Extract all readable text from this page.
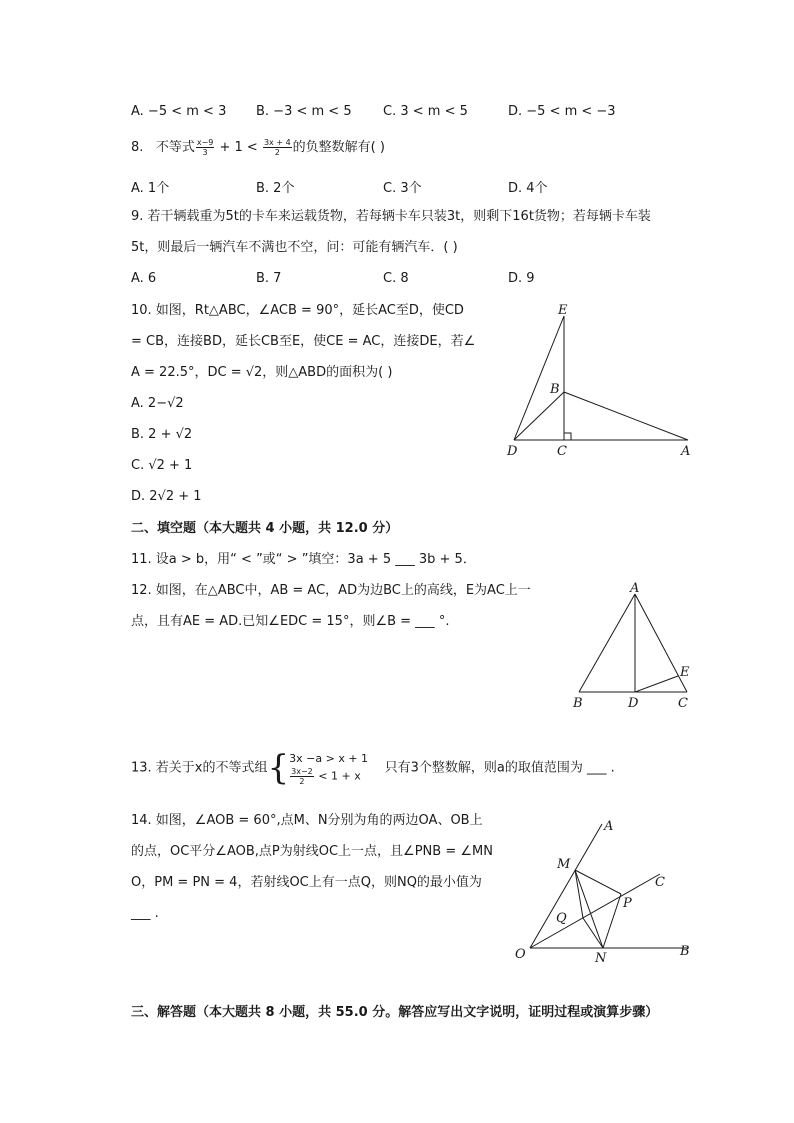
A. −5 < m < 3 B. −3 < m < 5 C. 3 < m < 5	D. −5 < m < −3
8. 不等式 $\frac{x-9}{3} + 1 < \frac{3x + 4}{2}$ 的负整数解有( )
A. 1个	B. 2个	C. 3个	D. 4个
9. 若干辆载重为5t的卡车来运载货物，若每辆卡车只装3t，则剩下16t货物；若每辆卡车装
5t，则最后一辆汽车不满也不空，问：可能有辆汽车．( )
A. 6	B. 7	C. 8	D. 9
10. 如图，Rt△ABC，∠ACB = 90°，延长AC至D，使CD
= CB，连接BD，延长CB至E，使CE = AC，连接DE，若∠
A = 22.5°，DC = √2，则△ABD的面积为( )
A. 2−√2
B. 2 + √2
C. √2 + 1
D. 2√2 + 1
E
B
D	C	A
二、填空题（本大题共 4 小题，共 12.0 分）
11. 设a > b，用“ < ”或“ > ”填空：3a + 5 ___ 3b + 5．
12. 如图，在△ABC中，AB = AC，AD为边BC上的高线，E为AC上一
点，且有AE = AD.已知∠EDC = 15°，则∠B = ___ °.
A
B	D	C
E
13. 若关于x的不等式组{ 3x −a > x + 1
$\frac{3x-2}{2} < 1 + x$	只有3个整数解，则a的取值范围为 ___ .
14. 如图，∠AOB = 60°,点M、N分别为角的两边OA、OB上
的点，OC平分∠AOB,点P为射线OC上一点，且∠PNB = ∠MN
O，PM = PN = 4，若射线OC上有一点Q，则NQ的最小值为
___ .
A
M
C
P
Q
O	N	B
三、解答题（本大题共 8 小题，共 55.0 分。解答应写出文字说明，证明过程或演算步骤）
